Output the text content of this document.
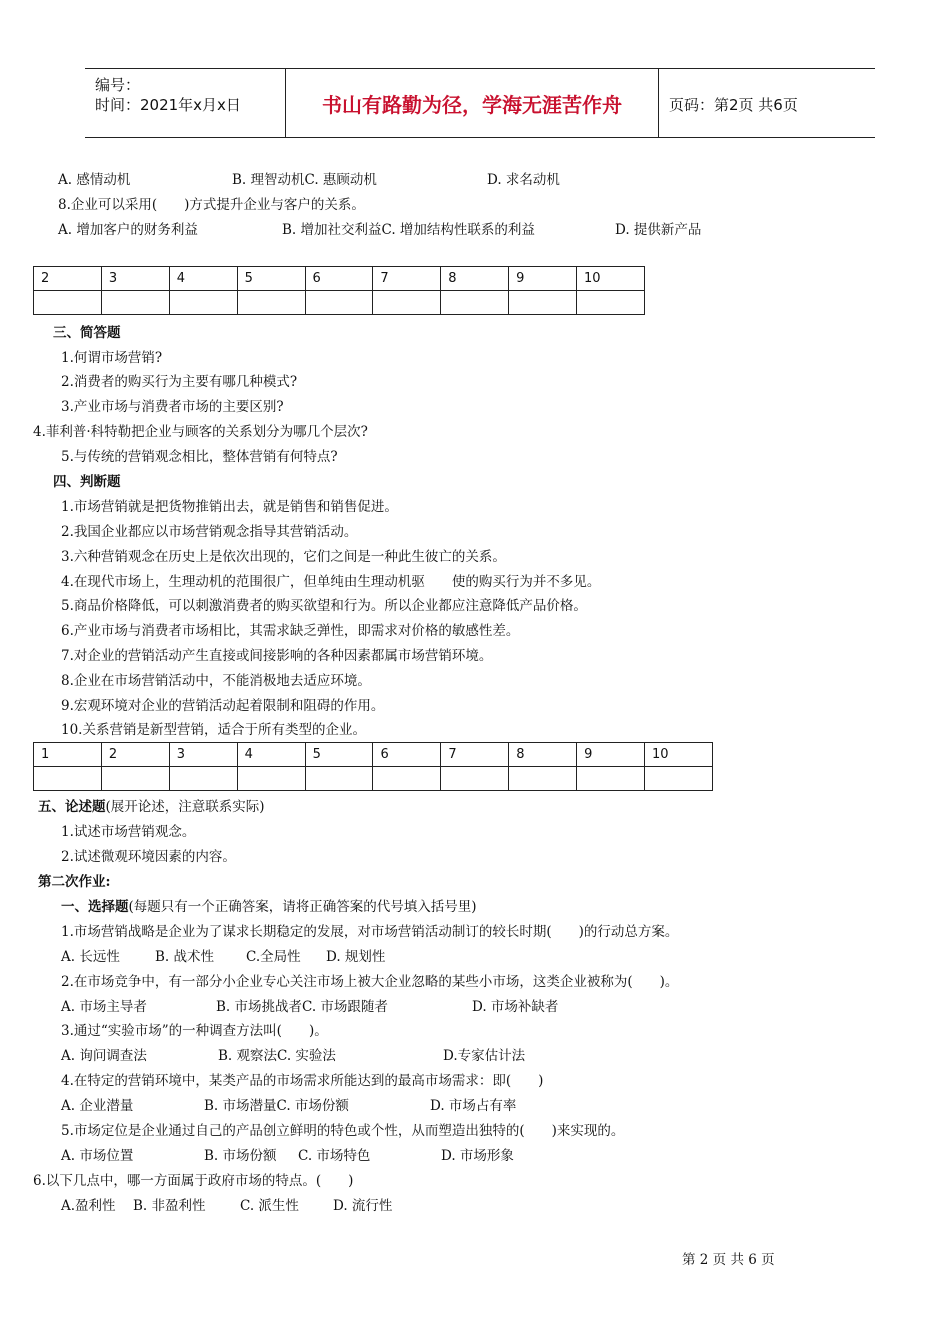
编号：
时间：2021年x月x日	书山有路勤为径，学海无涯苦作舟	页码：第2页 共6页
A. 感情动机	B. 理智动机C. 惠顾动机	D. 求名动机
8.企业可以采用(　　)方式提升企业与客户的关系。
A. 增加客户的财务利益	B. 增加社交利益C. 增加结构性联系的利益	D. 提供新产品
2	3	4	5	6	7	8	9	10

三、简答题
1.何谓市场营销?
2.消费者的购买行为主要有哪几种模式?
3.产业市场与消费者市场的主要区别?
4.菲利普·科特勒把企业与顾客的关系划分为哪几个层次?
5.与传统的营销观念相比，整体营销有何特点?
四、判断题
1.市场营销就是把货物推销出去，就是销售和销售促进。
2.我国企业都应以市场营销观念指导其营销活动。
3.六种营销观念在历史上是依次出现的，它们之间是一种此生彼亡的关系。
4.在现代市场上，生理动机的范围很广，但单纯由生理动机驱　　使的购买行为并不多见。
5.商品价格降低，可以刺激消费者的购买欲望和行为。所以企业都应注意降低产品价格。
6.产业市场与消费者市场相比，其需求缺乏弹性，即需求对价格的敏感性差。
7.对企业的营销活动产生直接或间接影响的各种因素都属市场营销环境。
8.企业在市场营销活动中，不能消极地去适应环境。
9.宏观环境对企业的营销活动起着限制和阻碍的作用。
10.关系营销是新型营销，适合于所有类型的企业。
1	2	3	4	5	6	7	8	9	10

五、论述题(展开论述，注意联系实际)
1.试述市场营销观念。
2.试述微观环境因素的内容。
第二次作业:
一、选择题(每题只有一个正确答案，请将正确答案的代号填入括号里)
1.市场营销战略是企业为了谋求长期稳定的发展，对市场营销活动制订的较长时期(　　)的行动总方案。
A. 长远性	B. 战术性 C.全局性 D. 规划性
2.在市场竞争中，有一部分小企业专心关注市场上被大企业忽略的某些小市场，这类企业被称为(　　)。
A. 市场主导者	B. 市场挑战者C. 市场跟随者	D. 市场补缺者
3.通过“实验市场”的一种调查方法叫(　　)。
A. 询问调查法	B. 观察法C. 实验法	D.专家估计法
4.在特定的营销环境中，某类产品的市场需求所能达到的最高市场需求：即(　　)
A. 企业潜量	B. 市场潜量C. 市场份额	D. 市场占有率
5.市场定位是企业通过自己的产品创立鲜明的特色或个性，从而塑造出独特的(　　)来实现的。
A. 市场位置	B. 市场份额 C. 市场特色	D. 市场形象
6.以下几点中，哪一方面属于政府市场的特点。(　　)
A.盈利性 B. 非盈利性	C. 派生性	D. 流行性
第 2 页 共 6 页
